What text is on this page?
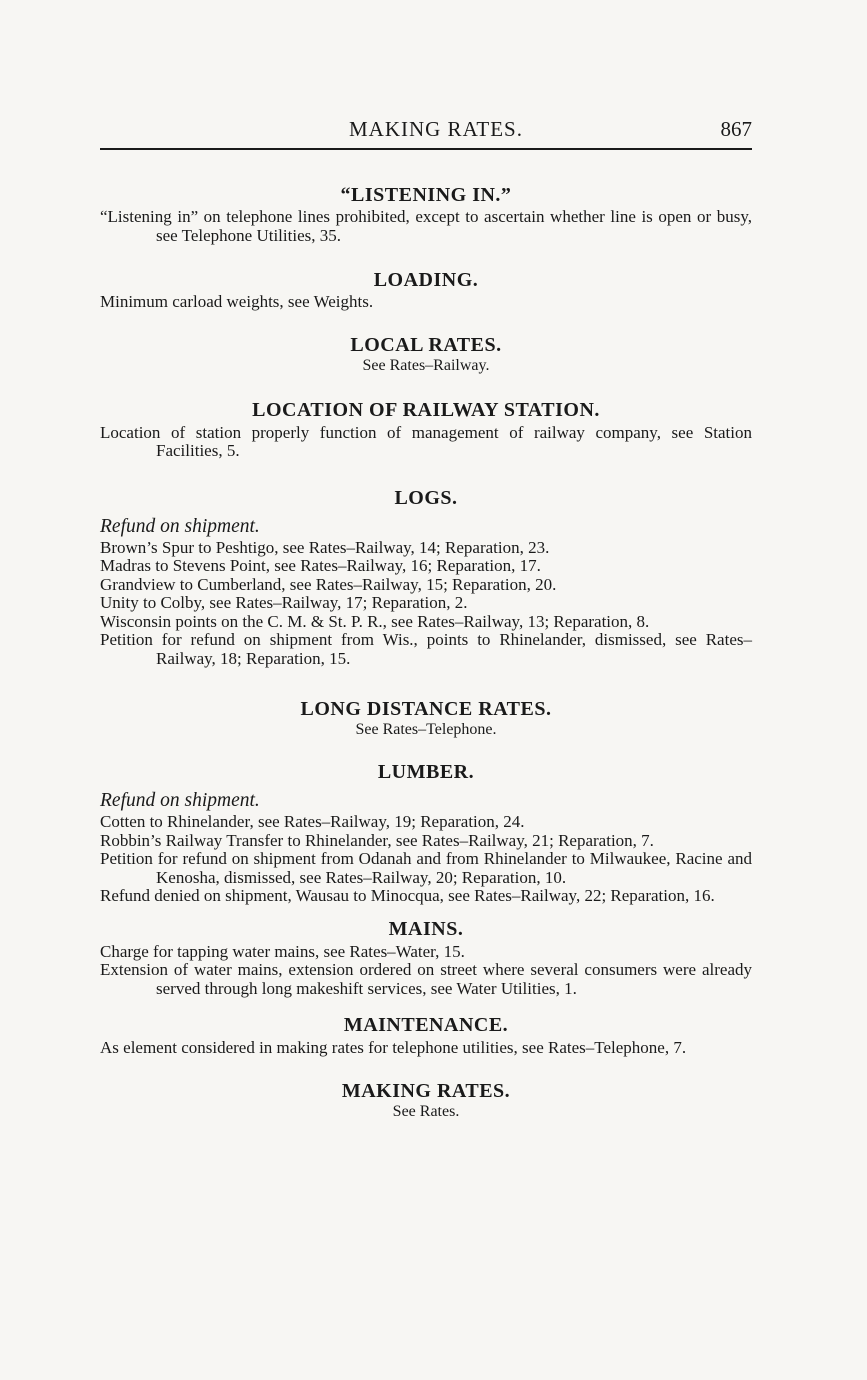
MAKING RATES.	867
“LISTENING IN.”

“Listening in” on telephone lines prohibited, except to ascertain whether line is open or busy, see Telephone Utilities, 35.

LOADING.

Minimum carload weights, see Weights.

LOCAL RATES.

See Rates–Railway.

LOCATION OF RAILWAY STATION.

Location of station properly function of management of railway company, see Station Facilities, 5.

LOGS.

Refund on shipment.

Brown’s Spur to Peshtigo, see Rates–Railway, 14; Reparation, 23.

Madras to Stevens Point, see Rates–Railway, 16; Reparation, 17.

Grandview to Cumberland, see Rates–Railway, 15; Reparation, 20.

Unity to Colby, see Rates–Railway, 17; Reparation, 2.

Wisconsin points on the C. M. & St. P. R., see Rates–Railway, 13; Reparation, 8.

Petition for refund on shipment from Wis., points to Rhinelander, dismissed, see Rates–Railway, 18; Reparation, 15.

LONG DISTANCE RATES.

See Rates–Telephone.

LUMBER.

Refund on shipment.

Cotten to Rhinelander, see Rates–Railway, 19; Reparation, 24.

Robbin’s Railway Transfer to Rhinelander, see Rates–Railway, 21; Reparation, 7.

Petition for refund on shipment from Odanah and from Rhinelander to Milwaukee, Racine and Kenosha, dismissed, see Rates–Railway, 20; Reparation, 10.

Refund denied on shipment, Wausau to Minocqua, see Rates–Railway, 22; Reparation, 16.

MAINS.

Charge for tapping water mains, see Rates–Water, 15.

Extension of water mains, extension ordered on street where several consumers were already served through long makeshift services, see Water Utilities, 1.

MAINTENANCE.

As element considered in making rates for telephone utilities, see Rates–Telephone, 7.

MAKING RATES.

See Rates.
